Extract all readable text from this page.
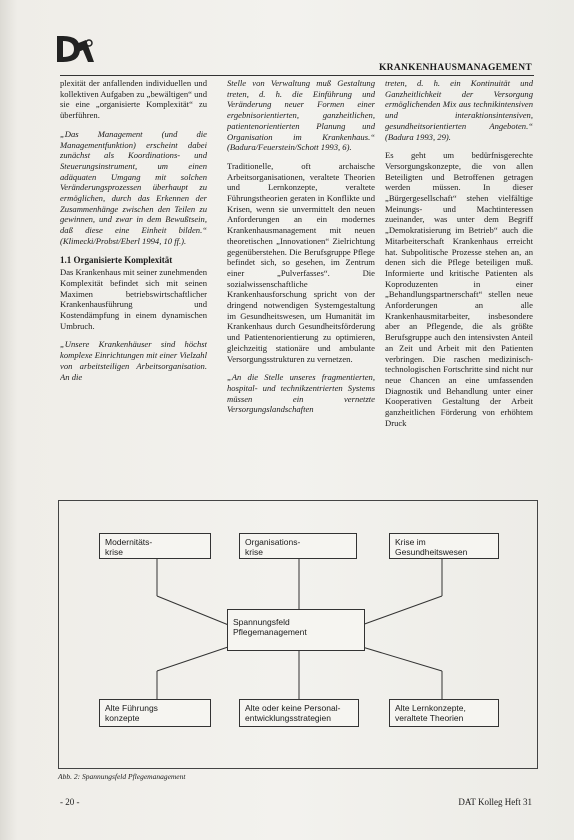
KRANKENHAUSMANAGEMENT

plexität der anfallenden individuellen und kollektiven Aufgaben zu „bewältigen“ und sie eine „organisierte Komplexität“ zu überführen.

„Das Management (und die Managementfunktion) erscheint dabei zunächst als Koordinations- und Steuerungsinstrument, um einen adäquaten Umgang mit solchen Veränderungsprozessen überhaupt zu ermöglichen, durch das Erkennen der Zusammenhänge zwischen den Teilen zu gewinnen, und zwar in dem Bewußtsein, daß diese eine Einheit bilden.“ (Klimecki/Probst/Eberl 1994, 10 ff.).

1.1 Organisierte Komplexität

Das Krankenhaus mit seiner zunehmenden Komplexität befindet sich mit seinen Maximen betriebswirtschaftlicher Krankenhausführung und Kostendämpfung in einem dynamischen Umbruch.

„Unsere Krankenhäuser sind höchst komplexe Einrichtungen mit einer Vielzahl von arbeitsteiligen Arbeitsorganisation. An die

Stelle von Verwaltung muß Gestaltung treten, d. h. die Einführung und Veränderung neuer Formen einer ergebnisorientierten, ganzheitlichen, patientenorientierten Planung und Organisation im Krankenhaus.“ (Badura/Feuerstein/Schott 1993, 6).

Traditionelle, oft archaische Arbeitsorganisationen, veraltete Theorien und Lernkonzepte, veraltete Führungstheorien geraten in Konflikte und Krisen, wenn sie unvermittelt den neuen Anforderungen an ein modernes Krankenhausmanagement mit neuen theoretischen „Innovationen“ Zielrichtung gegenüberstehen. Die Berufsgruppe Pflege befindet sich, so gesehen, im Zentrum einer „Pulverfasses“. Die sozialwissenschaftliche Krankenhausforschung spricht von der dringend notwendigen Systemgestaltung im Gesundheitswesen, um Humanität im Krankenhaus durch Gesundheitsförderung und Patientenorientierung zu optimieren, gleichzeitig stationäre und ambulante Versorgungsstrukturen zu vernetzen.

„An die Stelle unseres fragmentierten, hospital- und technikzentrierten Systems müssen ein vernetzte Versorgungslandschaften

treten, d. h. ein Kontinuität und Ganzheitlichkeit der Versorgung ermöglichenden Mix aus technikintensiven und interaktionsintensiven, gesundheitsorientierten Angeboten.“ (Badura 1993, 29).

Es geht um bedürfnisgerechte Versorgungskonzepte, die von allen Beteiligten und Betroffenen getragen werden müssen. In dieser „Bürgergesellschaft“ stehen vielfältige Meinungs- und Machtinteressen zueinander, was unter dem Begriff „Demokratisierung im Betrieb“ auch die Mitarbeiterschaft Krankenhaus erreicht hat. Subpolitische Prozesse stehen an, an denen sich die Pflege beteiligen muß. Informierte und kritische Patienten als Koproduzenten in einer „Behandlungspartnerschaft“ stellen neue Anforderungen an alle Krankenhausmitarbeiter, insbesondere aber an Pflegende, die als größte Berufsgruppe auch den intensivsten Anteil an Zeit und Arbeit mit den Patienten verbringen. Die raschen medizinisch-technologischen Fortschritte sind nicht nur neue Chancen an eine umfassenden Diagnostik und Behandlung unter einer Kooperativen Gestaltung der Arbeit ganzheitlichen Förderung von erhöhtem Druck

Modernitäts-
krise
Organisations-
krise
Krise im
Gesundheitswesen
Spannungsfeld
Pflegemanagement
Alte Führungs
konzepte
Alte oder keine Personal-
entwicklungsstrategien
Alte Lernkonzepte,
veraltete Theorien
Abb. 2: Spannungsfeld Pflegemanagement
- 20 -	DAT Kolleg Heft 31
